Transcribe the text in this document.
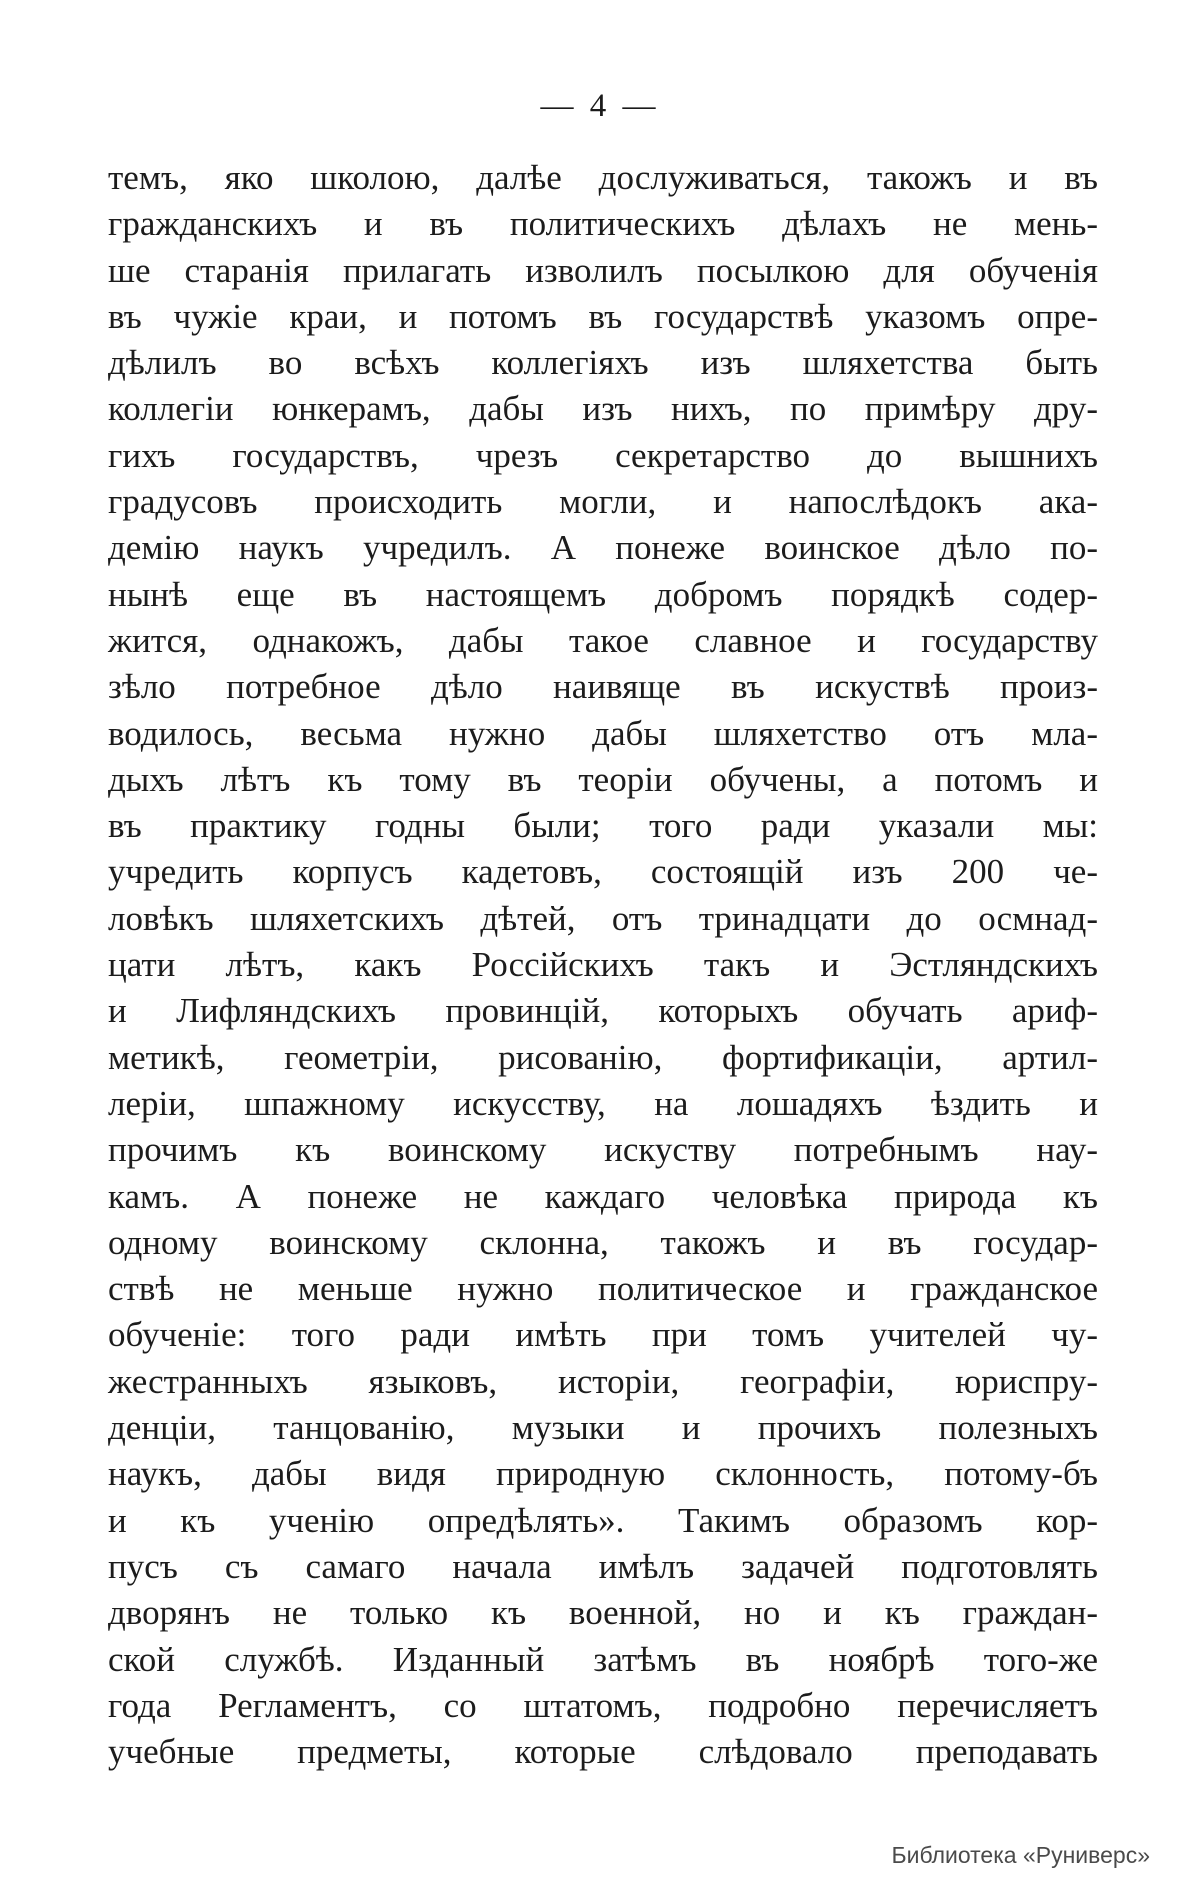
— 4 —

темъ, яко школою, далѣе дослуживаться, такожъ и въ
гражданскихъ и въ политическихъ дѣлахъ не мень-
ше старанія прилагать изволилъ посылкою для обученія
въ чужіе краи, и потомъ въ государствѣ указомъ опре-
дѣлилъ во всѣхъ коллегіяхъ изъ шляхетства быть
коллегіи юнкерамъ, дабы изъ нихъ, по примѣру дру-
гихъ государствъ, чрезъ секретарство до вышнихъ
градусовъ происходить могли, и напослѣдокъ ака-
демію наукъ учредилъ. А понеже воинское дѣло по-
нынѣ еще въ настоящемъ добромъ порядкѣ содер-
жится, однакожъ, дабы такое славное и государству
зѣло потребное дѣло наивяще въ искуствѣ произ-
водилось, весьма нужно дабы шляхетство отъ мла-
дыхъ лѣтъ къ тому въ теоріи обучены, а потомъ и
въ практику годны были; того ради указали мы:
учредить корпусъ кадетовъ, состоящій изъ 200 че-
ловѣкъ шляхетскихъ дѣтей, отъ тринадцати до осмнад-
цати лѣтъ, какъ Россійскихъ такъ и Эстляндскихъ
и Лифляндскихъ провинцій, которыхъ обучать ариф-
метикѣ, геометріи, рисованію, фортификаціи, артил-
леріи, шпажному искусству, на лошадяхъ ѣздить и
прочимъ къ воинскому искуству потребнымъ нау-
камъ. А понеже не каждаго человѣка природа къ
одному воинскому склонна, такожъ и въ государ-
ствѣ не меньше нужно политическое и гражданское
обученіе: того ради имѣть при томъ учителей чу-
жестранныхъ языковъ, исторіи, географіи, юриспру-
денціи, танцованію, музыки и прочихъ полезныхъ
наукъ, дабы видя природную склонность, потому-бъ
и къ ученію опредѣлять». Такимъ образомъ кор-
пусъ съ самаго начала имѣлъ задачей подготовлять
дворянъ не только къ военной, но и къ граждан-
ской службѣ. Изданный затѣмъ въ ноябрѣ того-же
года Регламентъ, со штатомъ, подробно перечисляетъ
учебные предметы, которые слѣдовало преподавать

Библиотека «Руниверс»
